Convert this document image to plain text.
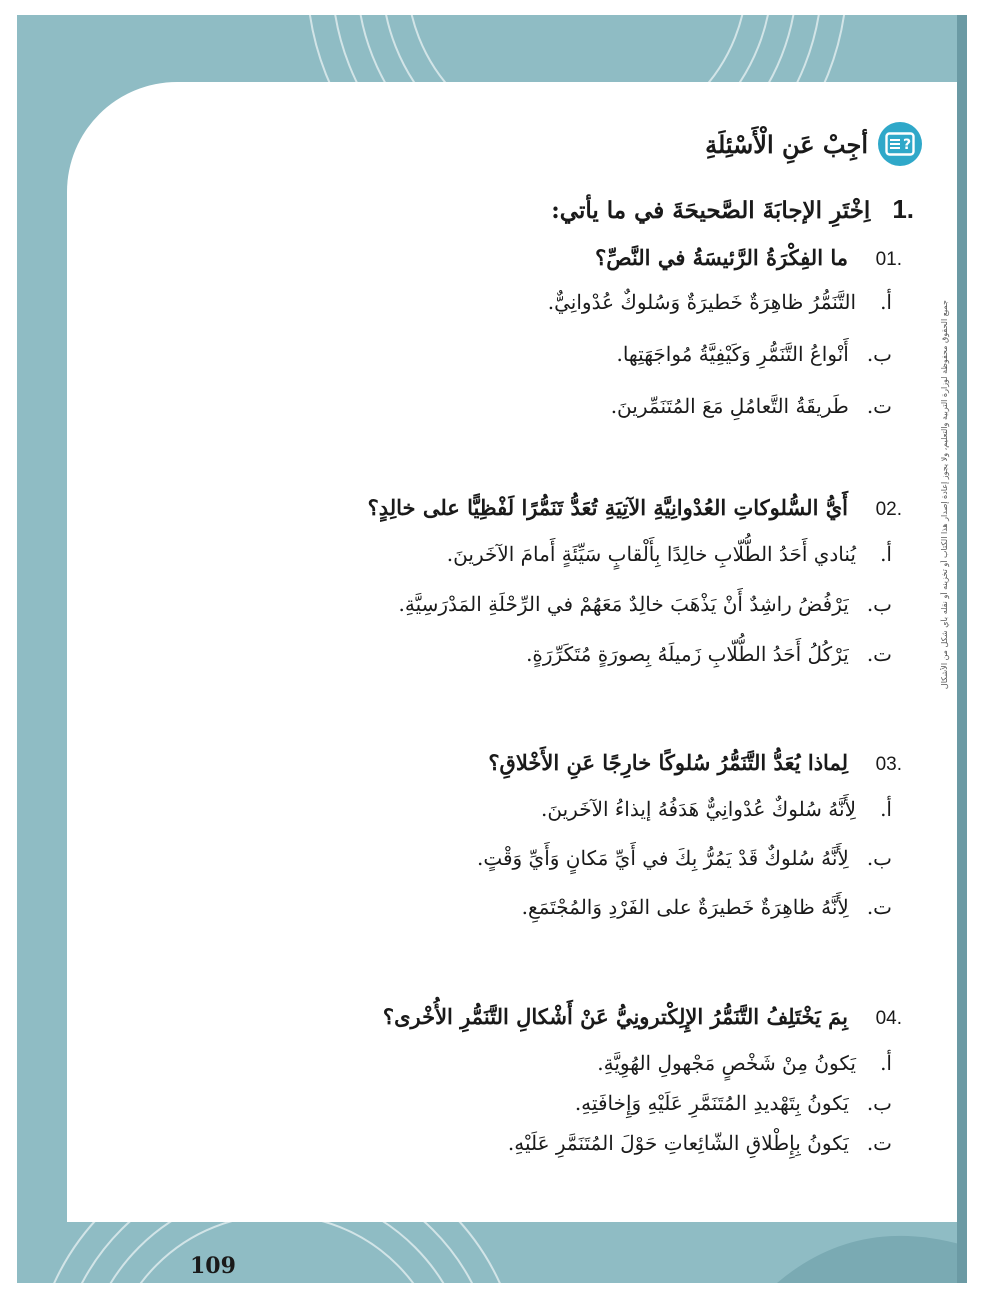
جميع الحقوق محفوظة لوزارة التربية والتعليم، ولا يجوز إعادة إصدار هذا الكتاب أو تخزينه أو نقله بأي شكل من الأشكال
?
أجِبْ عَنِ الْأَسْئِلَةِ
1.
اِخْتَرِ الإجابَةَ الصَّحيحَةَ في ما يأتي:
01.
ما الفِكْرَةُ الرَّئيسَةُ في النَّصِّ؟
أ.
التَّنَمُّرُ ظاهِرَةٌ خَطيرَةٌ وَسُلوكٌ عُدْوانِيٌّ.
ب.
أَنْواعُ التَّنَمُّرِ وَكَيْفِيَّةُ مُواجَهَتِها.
ت.
طَريقَةُ التَّعامُلِ مَعَ المُتَنَمِّرينَ.
02.
أَيُّ السُّلوكاتِ العُدْوانِيَّةِ الآتِيَةِ تُعَدُّ تَنَمُّرًا لَفْظِيًّا على خالِدٍ؟
أ.
يُنادي أَحَدُ الطُّلّابِ خالِدًا بِأَلْقابٍ سَيِّئَةٍ أَمامَ الآخَرينَ.
ب.
يَرْفُضُ راشِدٌ أَنْ يَذْهَبَ خالِدٌ مَعَهُمْ في الرِّحْلَةِ المَدْرَسِيَّةِ.
ت.
يَرْكُلُ أَحَدُ الطُّلّابِ زَميلَهُ بِصورَةٍ مُتَكَرِّرَةٍ.
03.
لِماذا يُعَدُّ التَّنَمُّرُ سُلوكًا خارِجًا عَنِ الأَخْلاقِ؟
أ.
لِأَنَّهُ سُلوكٌ عُدْوانِيٌّ هَدَفُهُ إيذاءُ الآخَرينَ.
ب.
لِأَنَّهُ سُلوكٌ قَدْ يَمُرُّ بِكَ في أَيِّ مَكانٍ وَأَيِّ وَقْتٍ.
ت.
لِأَنَّهُ ظاهِرَةٌ خَطيرَةٌ على الفَرْدِ وَالمُجْتَمَعِ.
04.
بِمَ يَخْتَلِفُ التَّنَمُّرُ الإِلِكْترونِيُّ عَنْ أَشْكالِ التَّنَمُّرِ الأُخْرى؟
أ.
يَكونُ مِنْ شَخْصٍ مَجْهولِ الهُوِيَّةِ.
ب.
يَكونُ بِتَهْديدِ المُتَنَمَّرِ عَلَيْهِ وَإِخافَتِهِ.
ت.
يَكونُ بِإِطْلاقِ الشّائِعاتِ حَوْلَ المُتَنَمَّرِ عَلَيْهِ.
109
